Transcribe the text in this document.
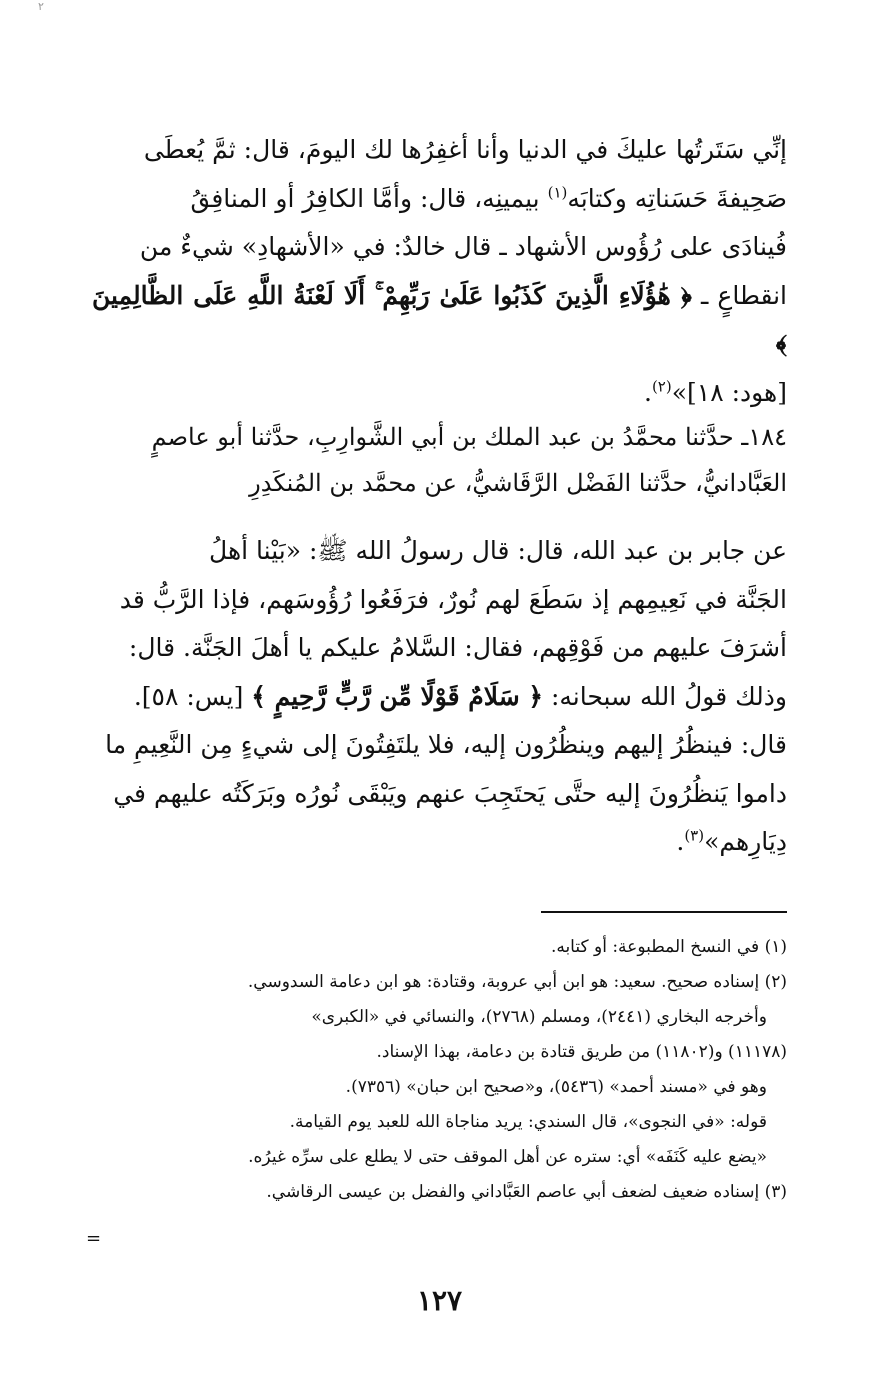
٢

إنِّي سَتَرتُها عليكَ في الدنيا وأنا أغفِرُها لك اليومَ، قال: ثمَّ يُعطَى

صَحِيفةَ حَسَناتِه وكتابَه$^{(١)}$ بيمينِه، قال: وأمَّا الكافِرُ أو المنافِقُ

فُينادَى على رُؤُوس الأشهاد ـ قال خالدٌ: في «الأشهادِ» شيءٌ من

انقطاعٍ ـ ﴿ هَٰؤُلَاءِ الَّذِينَ كَذَبُوا عَلَىٰ رَبِّهِمْ ۚ أَلَا لَعْنَةُ اللَّهِ عَلَى الظَّالِمِينَ ﴾

[هود: ١٨]»$^{(٢)}$.

١٨٤ـ حدَّثنا محمَّدُ بن عبد الملك بن أبي الشَّوارِبِ، حدَّثنا أبو عاصمٍ

العَبَّادانيُّ، حدَّثنا الفَضْل الرَّقَاشيُّ، عن محمَّد بن المُنكَدِرِ

عن جابر بن عبد الله، قال: قال رسولُ الله ﷺ: «بَيْنا أهلُ

الجَنَّة في نَعِيمِهم إذ سَطَعَ لهم نُورٌ، فرَفَعُوا رُؤُوسَهم، فإذا الرَّبُّ قد

أشرَفَ عليهم من فَوْقِهم، فقال: السَّلامُ عليكم يا أهلَ الجَنَّة. قال:

وذلك قولُ الله سبحانه: ﴿ سَلَامٌ قَوْلًا مِّن رَّبٍّ رَّحِيمٍ ﴾ [يس: ٥٨].

قال: فينظُرُ إليهم وينظُرُون إليه، فلا يلتَفِتُونَ إلى شيءٍ مِن النَّعِيمِ ما

داموا يَنظُرُونَ إليه حتَّى يَحتَجِبَ عنهم ويَبْقَى نُورُه وبَرَكَتُه عليهم في

دِيَارِهم»$^{(٣)}$.

(١) في النسخ المطبوعة: أو كتابه.

(٢) إسناده صحيح. سعيد: هو ابن أبي عروبة، وقتادة: هو ابن دعامة السدوسي.

وأخرجه البخاري (٢٤٤١)، ومسلم (٢٧٦٨)، والنسائي في «الكبرى»

(١١١٧٨) و(١١٨٠٢) من طريق قتادة بن دعامة، بهذا الإسناد.

وهو في «مسند أحمد» (٥٤٣٦)، و«صحيح ابن حبان» (٧٣٥٦).

قوله: «في النجوى»، قال السندي: يريد مناجاة الله للعبد يوم القيامة.

«يضع عليه كَنَفَه» أي: ستره عن أهل الموقف حتى لا يطلع على سرِّه غيرُه.

(٣) إسناده ضعيف لضعف أبي عاصم العَبَّاداني والفضل بن عيسى الرقاشي.

=
١٢٧
